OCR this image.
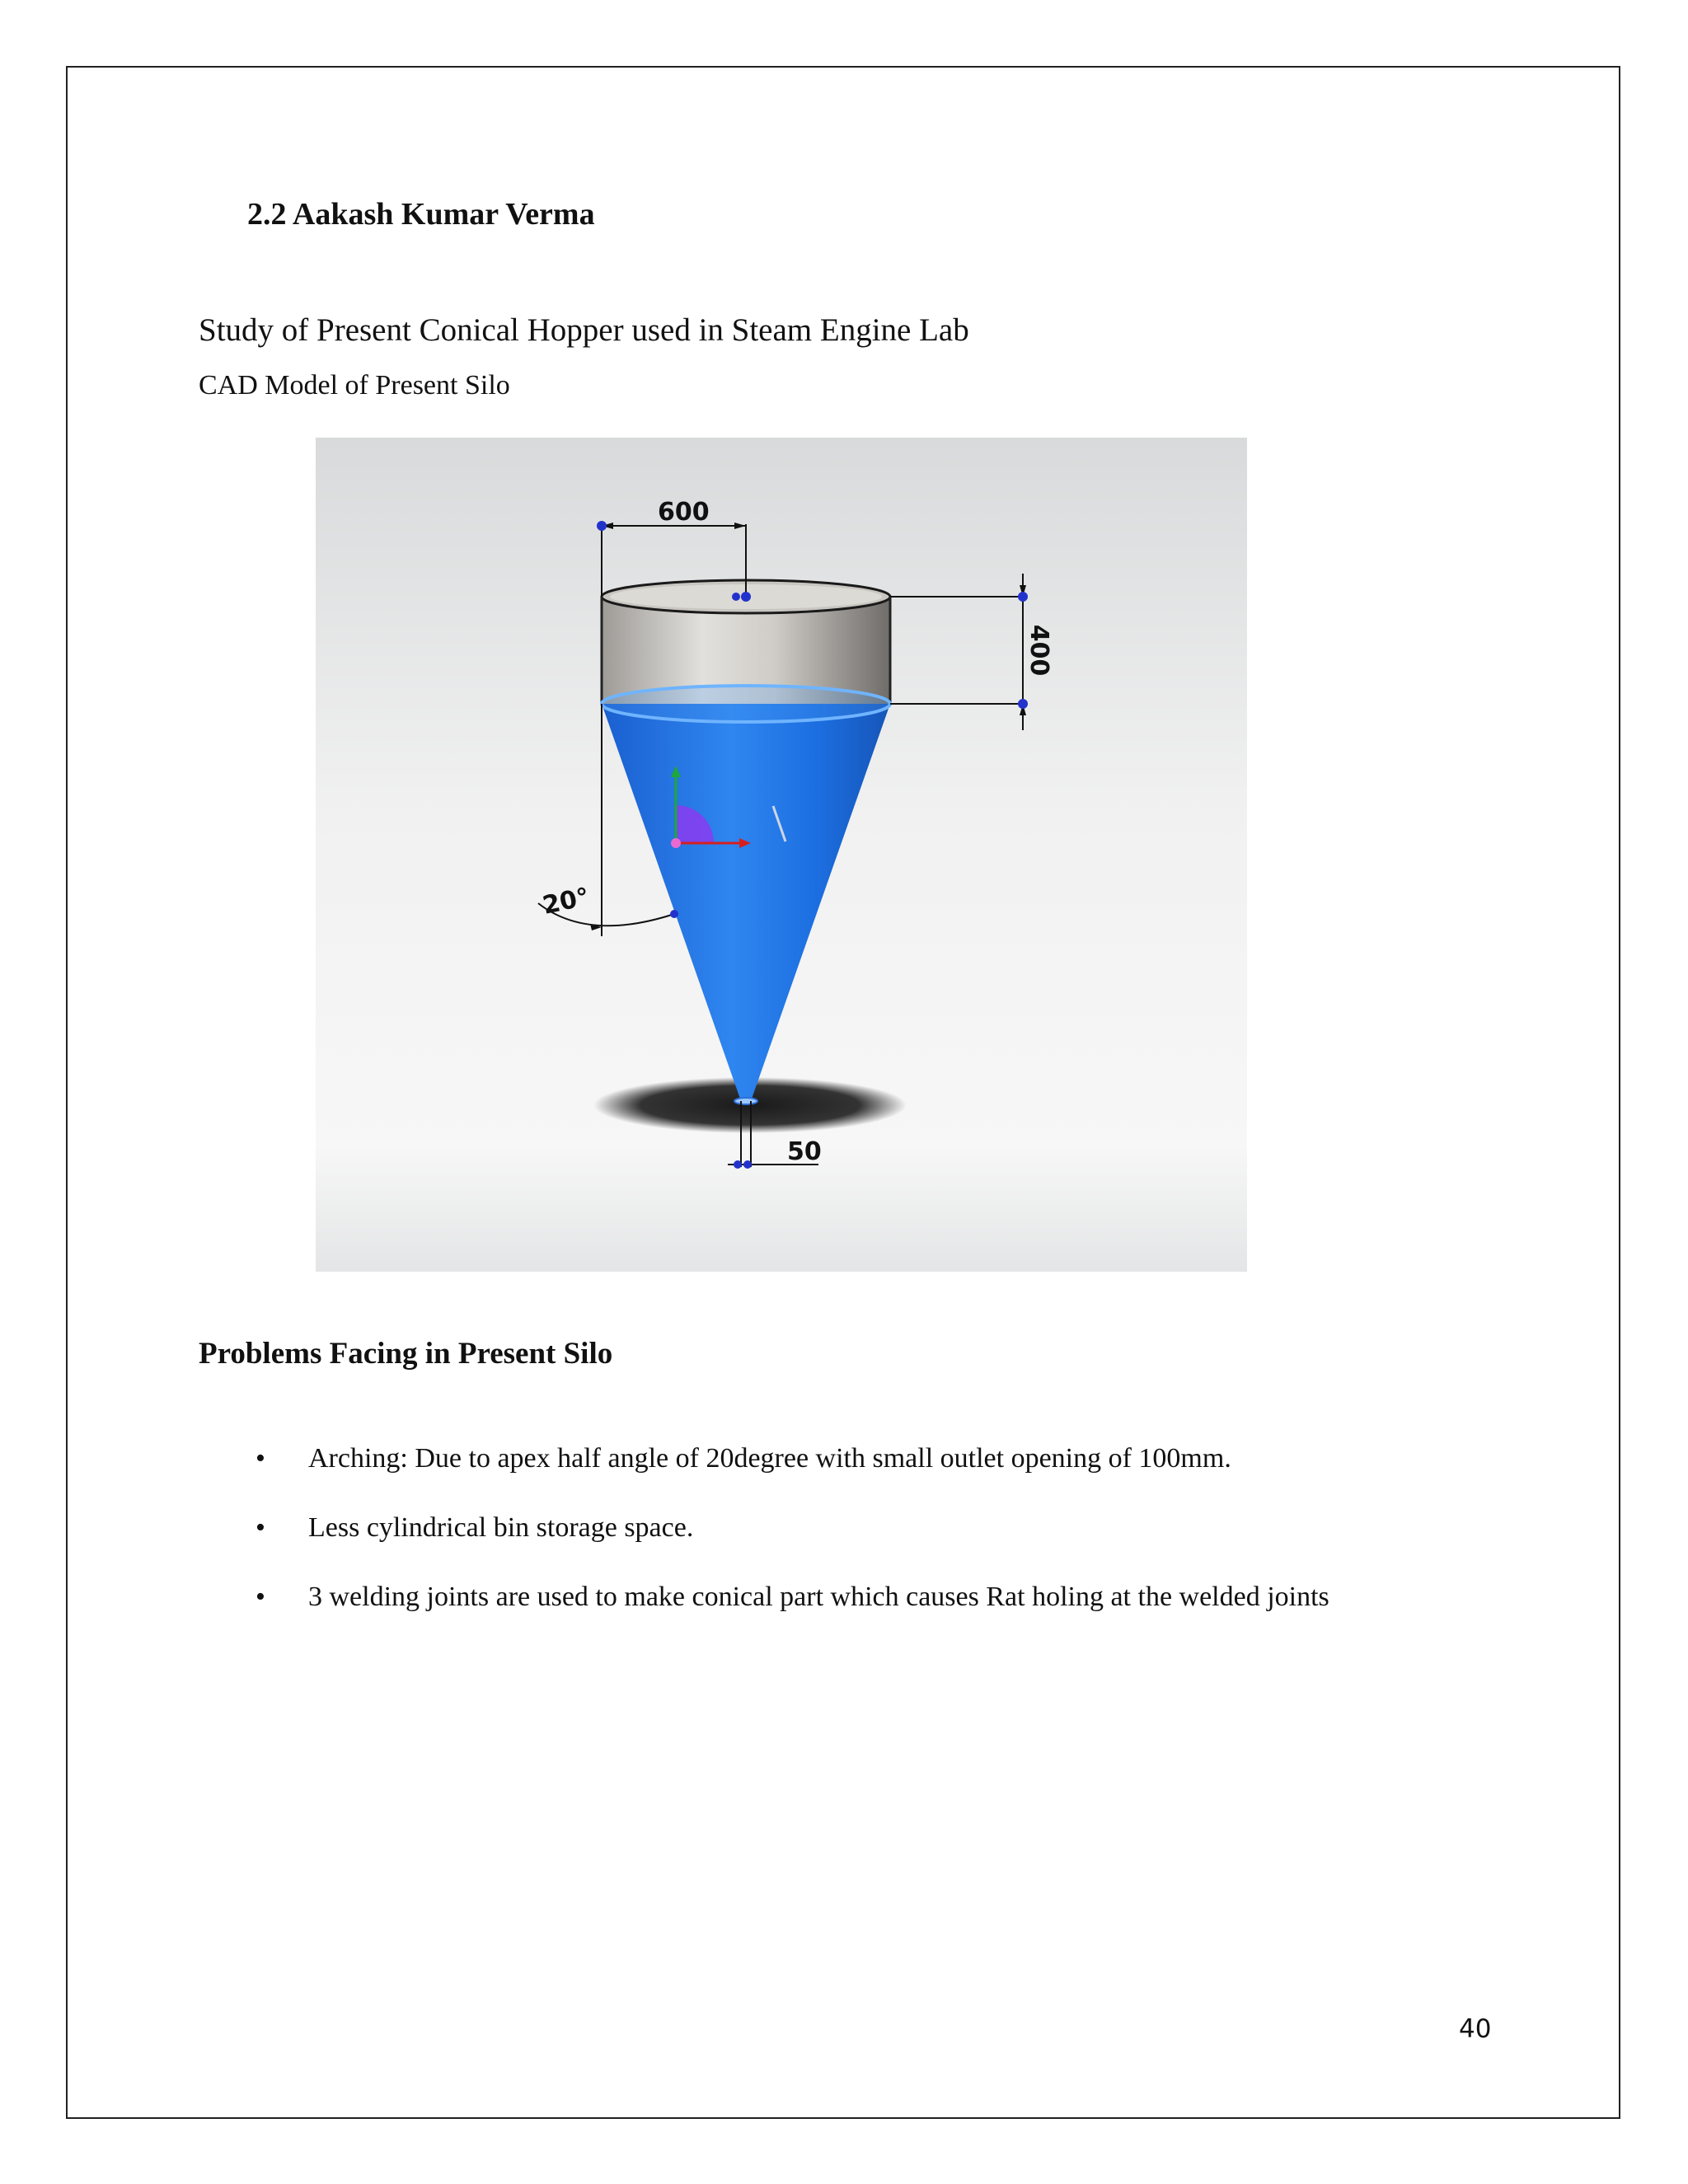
2.2 Aakash Kumar Verma

Study of Present Conical Hopper used in Steam Engine Lab

CAD Model of Present Silo

600
400
20°
50
Problems Facing in Present Silo
• Arching: Due to apex half angle of 20degree with small outlet opening of 100mm.
• Less cylindrical bin storage space.
• 3 welding joints are used to make conical part which causes Rat holing at the welded joints
40
